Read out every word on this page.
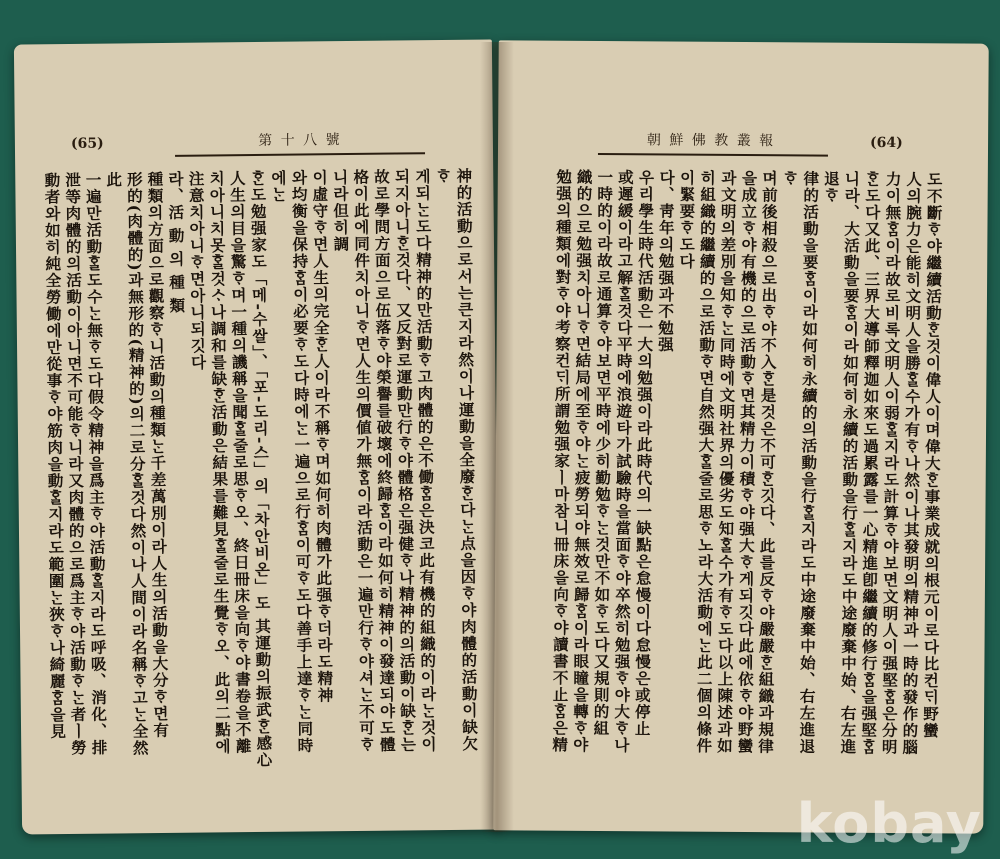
(65)	第 十 八 號

神的活動으로서는큰지라然이나運動을全廢ᄒᆞᆫ다ᄂᆞᆫ点을因ᄒᆞ야肉體的活動이缺欠ᄒᆞ

게되ᄂᆞᆫ도다精神的만活動ᄒᆞ고肉體的은不働ᄒᆞᆷ은決코此有機的組織的이라ᄂᆞᆫ것이

되지아니ᄒᆞᆫ것다、又反對로運動만行ᄒᆞ야體格은强健ᄒᆞ나精神的의活動이缺ᄒᆞᆫ는

故로學問方面으로伍落ᄒᆞ야榮譽를破壞에終歸ᄒᆞᆷ이라如何히精神이發達되야도體

格이此에同件치아니ᄒᆞ면人生의價値가無ᄒᆞᆷ이라活動은一遍만行ᄒᆞ야셔ᄂᆞᆫ不可ᄒᆞ니라但히調

이虛守ᄒᆞ면人生의完全ᄒᆞᆫ人이라不稱ᄒᆞ며如何히肉體가此强ᄒᆞ더라도精神

와均衡을保持ᄒᆞᆷ이必要ᄒᆞ도다時에ᄂᆞᆫ一遍으로行ᄒᆞᆷ이可ᄒᆞ도다善手上達ᄒᆞᄂᆞᆫ同時에ᄂᆞᆫ

ᄒᆞᆫ도勉强家도「메-수쌀」、「포-도리-스」의「차안비온」도 其運動의振武ᄒᆞᆫ感心

人生의目을驚ᄒᆞ며一種의譏稱을聞ᄒᆞᆯ줄로思ᄒᆞ오、終日冊床을向ᄒᆞ야書卷을不離

치아니치못ᄒᆞᆯ것ᄉᆞ나調和를缺ᄒᆞᆫ活動은結果를難見ᄒᆞᆯ줄로生覺ᄒᆞ오、此의二點에

注意치아니ᄒᆞ면아니되깃다

라、活 動 의 種 類

種類의方面으로觀察ᄒᆞ니活動의種類ᄂᆞᆫ千差萬別이라人生의活動을大分ᄒᆞ면有

形的(肉體的)과無形的(精神的)의二로分ᄒᆞᆯ것다然이나人間이라名稱ᄒᆞ고ᄂᆞᆫ全然此

一遍만活動ᄒᆞᆯ도수ᄂᆞᆫ無ᄒᆞ도다假令精神을爲主ᄒᆞ야活動ᄒᆞᆯ지라도呼吸、消化、排

泄等肉體的의活動이아니면不可能ᄒᆞ니라又肉體的으로爲主ᄒᆞ야活動ᄒᆞᄂᆞᆫ者ㅣ勞

動者와如히純全勞働에만從事ᄒᆞ야筋肉을動ᄒᆞᆯ지라도範圍ᄂᆞᆫ狹ᄒᆞ나綺麗ᄒᆞᆷ을見

朝 鮮 佛 教 叢 報	(64)

도不斷ᄒᆞ야繼續活動ᄒᆞᆫ것이偉人이며偉大ᄒᆞᆫ事業成就의根元이로다比컨ᄃᆡ野蠻

人의腕力은能히文明人을勝ᄒᆞᆯ수가有ᄒᆞ나然이나其發明의精神과一時的發作的腦

力이無ᄒᆞᆷ이라故로비록文明人이弱ᄒᆞᆯ지라도計算ᄒᆞ야보면文明人이强堅ᄒᆞᆷ은分明

ᄒᆞᆫ도다又此、三界大導師釋迦如來도過累露를一心精進卽繼續的修行ᄒᆞᆷ을强堅ᄒᆞᆷ

니라、大活動을要ᄒᆞᆷ이라如何히永續的活動을行ᄒᆞᆯ지라도中途廢棄中始、右左進退ᄒᆞ

律的活動을要ᄒᆞᆷ이라如何히永續的의活動을行ᄒᆞᆯ지라도中途廢棄中始、右左進退ᄒᆞ

며前後相殺으로出ᄒᆞ야不入ᄒᆞᆫ是것은不可ᄒᆞᆫ깃다、此를反ᄒᆞ야嚴嚴ᄒᆞᆫ組織과規律

을成立ᄒᆞ야有機的으로活動ᄒᆞ면其精力이積ᄒᆞ야强大ᄒᆞ게되깃다此에依ᄒᆞ야野蠻

과文明의差別을知ᄒᆞᄂᆞᆫ同時에文明社界의優劣도知ᄒᆞᆯ수가有ᄒᆞ도다以上陳述과如

히組織的繼續的으로活動ᄒᆞ면自然强大ᄒᆞᆯ줄로思ᄒᆞ노라大活動에ᄂᆞᆫ此二個의條件

이緊要ᄒᆞ도다

다、靑年의勉强과不勉强

우리學生時代活動은一大의勉强이라此時代의一缺點은怠慢이다怠慢은或停止

或遲緩이라고解ᄒᆞᆯ것다平時에浪遊타가試驗時을當面ᄒᆞ야卒然히勉强ᄒᆞ야大ᄒᆞ나

一時的이라故로通算ᄒᆞ야보면平時에少히勤勉ᄒᆞᄂᆞᆫ것만不如ᄒᆞ도다又規則的組

織的으로勉强치아니ᄒᆞ면結局에至ᄒᆞ야ᄂᆞᆫ疲勞되야無效로歸ᄒᆞᆷ이라眼瞳을轉ᄒᆞ야

勉强의種類에對ᄒᆞ야考察컨ᄃᆡ所謂勉强家ㅣ마참니冊床을向ᄒᆞ야讀書不止ᄒᆞᆷ은精

kobay
